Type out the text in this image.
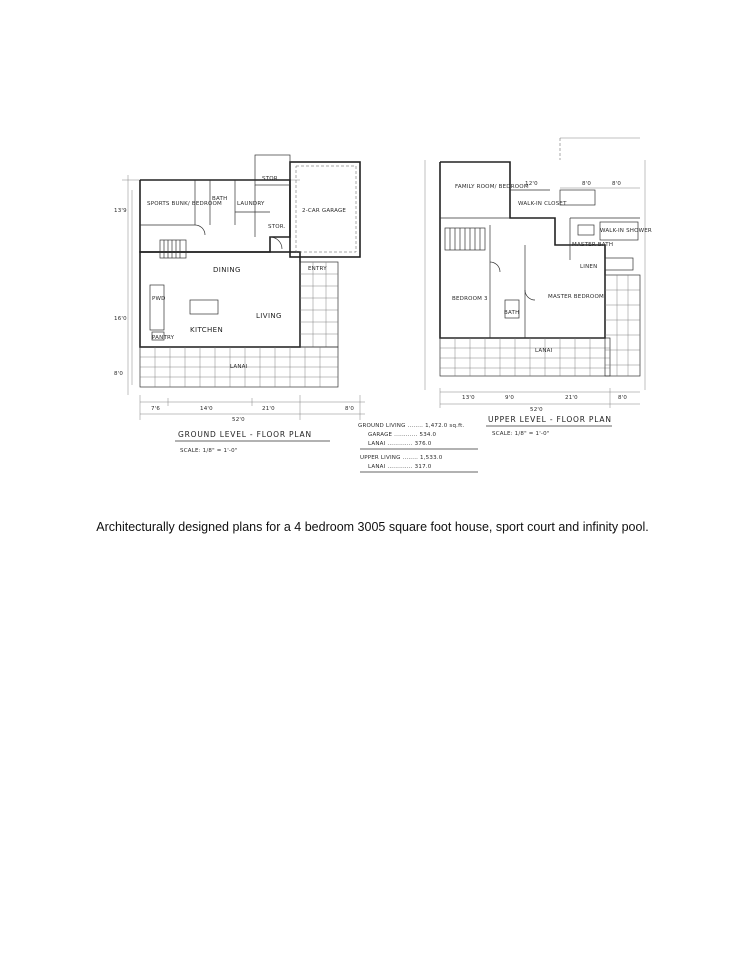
SPORTS BUNK/ BEDROOM
BATH
LAUNDRY
STOR.
STOR.
2-CAR GARAGE
DINING
LIVING
KITCHEN
ENTRY
LANAI
PANTRY
PWD
7'6	14'0	21'0
52'0
8'0
13'9
16'0
8'0
GROUND LEVEL - FLOOR PLAN
SCALE: 1/8" = 1'-0"
GROUND LIVING ........ 1,472.0 sq.ft.
GARAGE ............ 534.0
LANAI ............. 376.0
UPPER LIVING ........ 1,533.0
LANAI ............. 317.0
FAMILY ROOM/ BEDROOM
WALK-IN CLOSET
MASTER BATH
WALK-IN SHOWER
BEDROOM 3	MASTER BEDROOM
BATH
LANAI
LINEN
13'0	9'0	21'0	8'0
52'0
12'0	8'0	8'0
UPPER LEVEL - FLOOR PLAN
SCALE: 1/8" = 1'-0"
Architecturally designed plans for a 4 bedroom 3005 square foot house, sport court and infinity pool.
